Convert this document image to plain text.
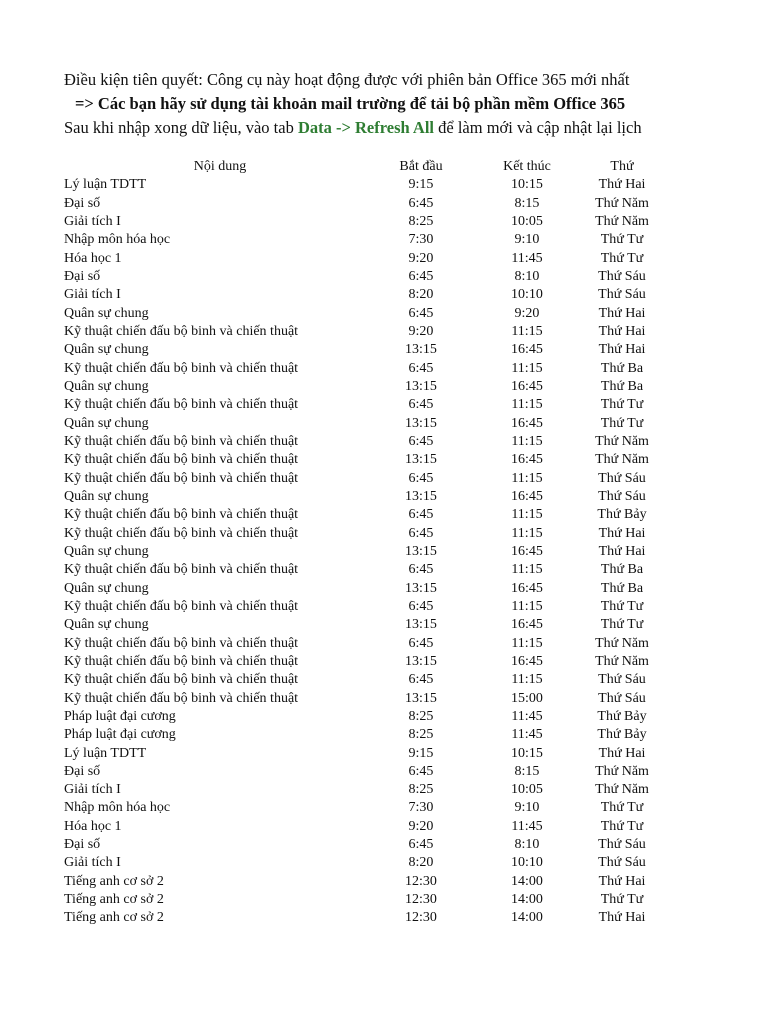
Điều kiện tiên quyết: Công cụ này hoạt động được với phiên bản Office 365 mới nhất
=> Các bạn hãy sử dụng tài khoản mail trường để tải bộ phần mềm Office 365
Sau khi nhập xong dữ liệu, vào tab Data -> Refresh All để làm mới và cập nhật lại lịch
Nội dung	Bắt đầu	Kết thúc	Thứ
Lý luận TDTT	9:15	10:15	Thứ Hai
Đại số	6:45	8:15	Thứ Năm
Giải tích I	8:25	10:05	Thứ Năm
Nhập môn hóa học	7:30	9:10	Thứ Tư
Hóa học 1	9:20	11:45	Thứ Tư
Đại số	6:45	8:10	Thứ Sáu
Giải tích I	8:20	10:10	Thứ Sáu
Quân sự chung	6:45	9:20	Thứ Hai
Kỹ thuật chiến đấu bộ binh và chiến thuật	9:20	11:15	Thứ Hai
Quân sự chung	13:15	16:45	Thứ Hai
Kỹ thuật chiến đấu bộ binh và chiến thuật	6:45	11:15	Thứ Ba
Quân sự chung	13:15	16:45	Thứ Ba
Kỹ thuật chiến đấu bộ binh và chiến thuật	6:45	11:15	Thứ Tư
Quân sự chung	13:15	16:45	Thứ Tư
Kỹ thuật chiến đấu bộ binh và chiến thuật	6:45	11:15	Thứ Năm
Kỹ thuật chiến đấu bộ binh và chiến thuật	13:15	16:45	Thứ Năm
Kỹ thuật chiến đấu bộ binh và chiến thuật	6:45	11:15	Thứ Sáu
Quân sự chung	13:15	16:45	Thứ Sáu
Kỹ thuật chiến đấu bộ binh và chiến thuật	6:45	11:15	Thứ Bảy
Kỹ thuật chiến đấu bộ binh và chiến thuật	6:45	11:15	Thứ Hai
Quân sự chung	13:15	16:45	Thứ Hai
Kỹ thuật chiến đấu bộ binh và chiến thuật	6:45	11:15	Thứ Ba
Quân sự chung	13:15	16:45	Thứ Ba
Kỹ thuật chiến đấu bộ binh và chiến thuật	6:45	11:15	Thứ Tư
Quân sự chung	13:15	16:45	Thứ Tư
Kỹ thuật chiến đấu bộ binh và chiến thuật	6:45	11:15	Thứ Năm
Kỹ thuật chiến đấu bộ binh và chiến thuật	13:15	16:45	Thứ Năm
Kỹ thuật chiến đấu bộ binh và chiến thuật	6:45	11:15	Thứ Sáu
Kỹ thuật chiến đấu bộ binh và chiến thuật	13:15	15:00	Thứ Sáu
Pháp luật đại cương	8:25	11:45	Thứ Bảy
Pháp luật đại cương	8:25	11:45	Thứ Bảy
Lý luận TDTT	9:15	10:15	Thứ Hai
Đại số	6:45	8:15	Thứ Năm
Giải tích I	8:25	10:05	Thứ Năm
Nhập môn hóa học	7:30	9:10	Thứ Tư
Hóa học 1	9:20	11:45	Thứ Tư
Đại số	6:45	8:10	Thứ Sáu
Giải tích I	8:20	10:10	Thứ Sáu
Tiếng anh cơ sở 2	12:30	14:00	Thứ Hai
Tiếng anh cơ sở 2	12:30	14:00	Thứ Tư
Tiếng anh cơ sở 2	12:30	14:00	Thứ Hai
